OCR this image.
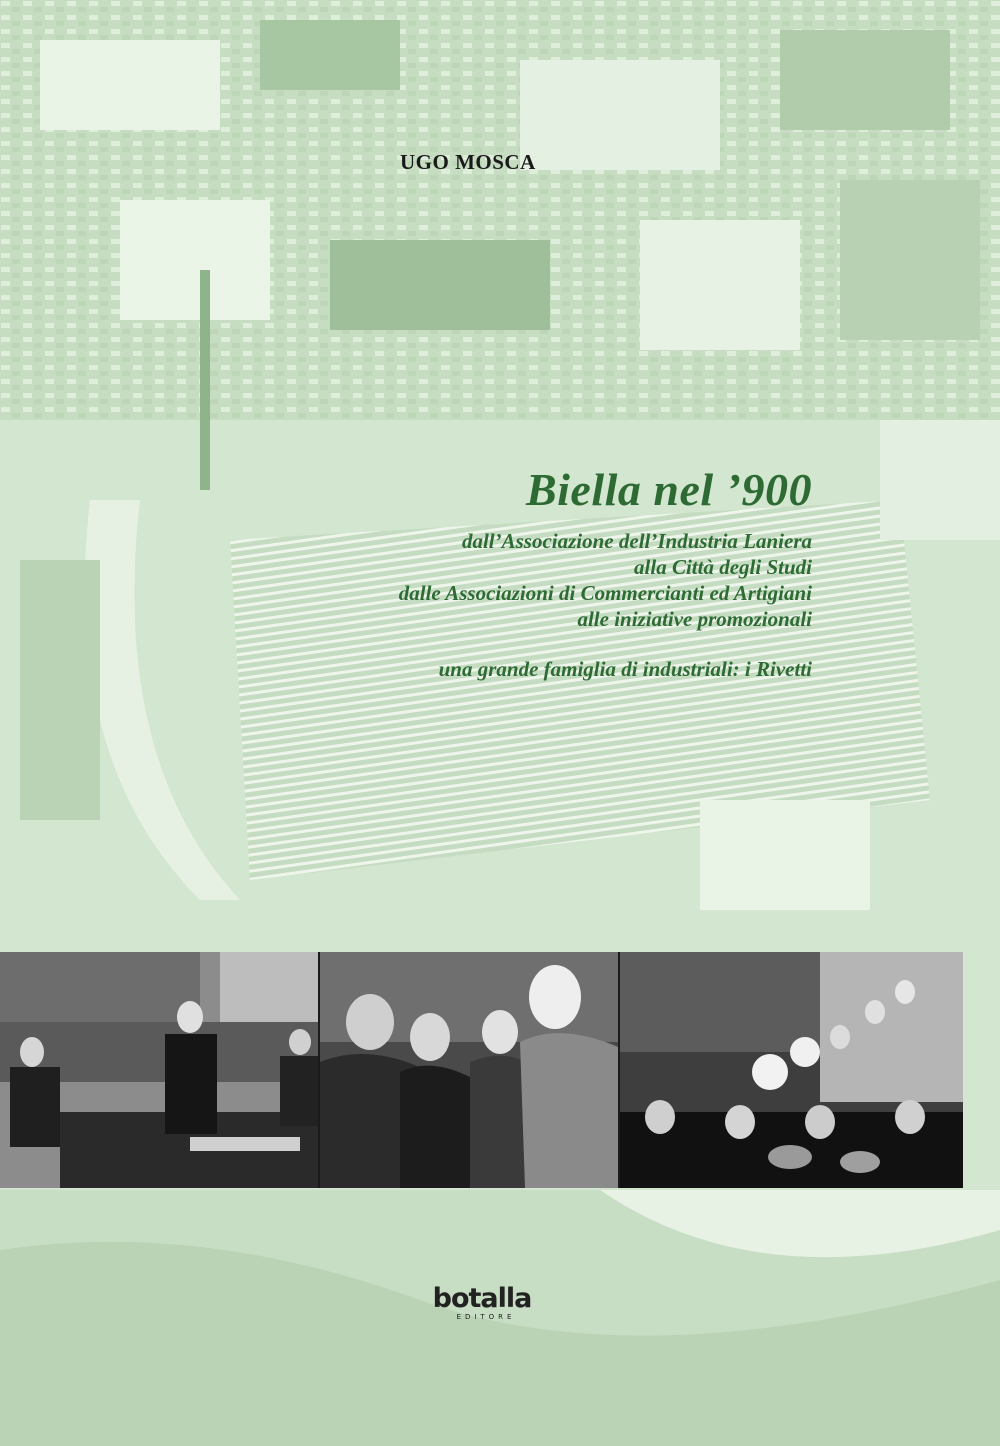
UGO MOSCA
Biella nel ’900
dall’Associazione dell’Industria Laniera
alla Città degli Studi
dalle Associazioni di Commercianti ed Artigiani
alle iniziative promozionali
una grande famiglia di industriali: i Rivetti
botalla
EDITORE
